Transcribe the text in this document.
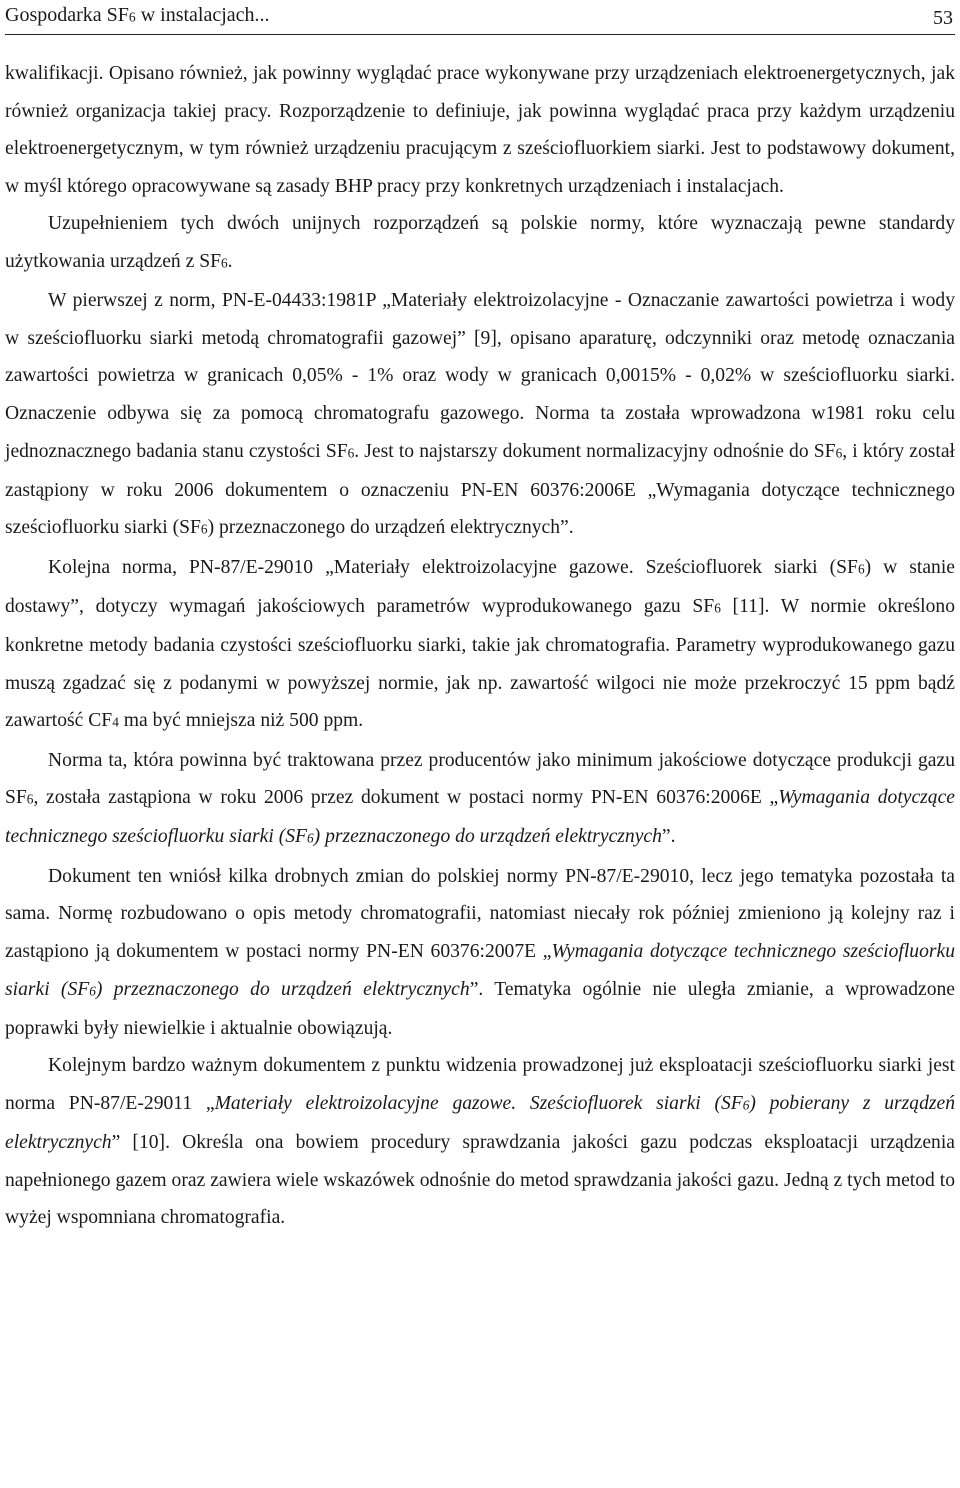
Gospodarka SF6 w instalacjach...	53

kwalifikacji. Opisano również, jak powinny wyglądać prace wykonywane przy urządzeniach elektroenergetycznych, jak również organizacja takiej pracy. Rozporządzenie to definiuje, jak powinna wyglądać praca przy każdym urządzeniu elektroenergetycznym, w tym również urządzeniu pracującym z sześciofluorkiem siarki. Jest to podstawowy dokument, w myśl którego opracowywane są zasady BHP pracy przy konkretnych urządzeniach i instalacjach.

Uzupełnieniem tych dwóch unijnych rozporządzeń są polskie normy, które wyznaczają pewne standardy użytkowania urządzeń z SF6.

W pierwszej z norm, PN-E-04433:1981P „Materiały elektroizolacyjne - Oznaczanie zawartości powietrza i wody w sześciofluorku siarki metodą chromatografii gazowej” [9], opisano aparaturę, odczynniki oraz metodę oznaczania zawartości powietrza w granicach 0,05% - 1% oraz wody w granicach 0,0015% - 0,02% w sześciofluorku siarki. Oznaczenie odbywa się za pomocą chromatografu gazowego. Norma ta została wprowadzona w1981 roku celu jednoznacznego badania stanu czystości SF6. Jest to najstarszy dokument normalizacyjny odnośnie do SF6, i który został zastąpiony w roku 2006 dokumentem o oznaczeniu PN-EN 60376:2006E „Wymagania dotyczące technicznego sześciofluorku siarki (SF6) przeznaczonego do urządzeń elektrycznych”.

Kolejna norma, PN-87/E-29010 „Materiały elektroizolacyjne gazowe. Sześciofluorek siarki (SF6) w stanie dostawy”, dotyczy wymagań jakościowych parametrów wyprodukowanego gazu SF6 [11]. W normie określono konkretne metody badania czystości sześciofluorku siarki, takie jak chromatografia. Parametry wyprodukowanego gazu muszą zgadzać się z podanymi w powyższej normie, jak np. zawartość wilgoci nie może przekroczyć 15 ppm bądź zawartość CF4 ma być mniejsza niż 500 ppm.

Norma ta, która powinna być traktowana przez producentów jako minimum jakościowe dotyczące produkcji gazu SF6, została zastąpiona w roku 2006 przez dokument w postaci normy PN-EN 60376:2006E „Wymagania dotyczące technicznego sześciofluorku siarki (SF6) przeznaczonego do urządzeń elektrycznych”.

Dokument ten wniósł kilka drobnych zmian do polskiej normy PN-87/E-29010, lecz jego tematyka pozostała ta sama. Normę rozbudowano o opis metody chromatografii, natomiast niecały rok później zmieniono ją kolejny raz i zastąpiono ją dokumentem w postaci normy PN-EN 60376:2007E „Wymagania dotyczące technicznego sześciofluorku siarki (SF6) przeznaczonego do urządzeń elektrycznych”. Tematyka ogólnie nie uległa zmianie, a wprowadzone poprawki były niewielkie i aktualnie obowiązują.

Kolejnym bardzo ważnym dokumentem z punktu widzenia prowadzonej już eksploatacji sześciofluorku siarki jest norma PN-87/E-29011 „Materiały elektroizolacyjne gazowe. Sześciofluorek siarki (SF6) pobierany z urządzeń elektrycznych” [10]. Określa ona bowiem procedury sprawdzania jakości gazu podczas eksploatacji urządzenia napełnionego gazem oraz zawiera wiele wskazówek odnośnie do metod sprawdzania jakości gazu. Jedną z tych metod to wyżej wspomniana chromatografia.
